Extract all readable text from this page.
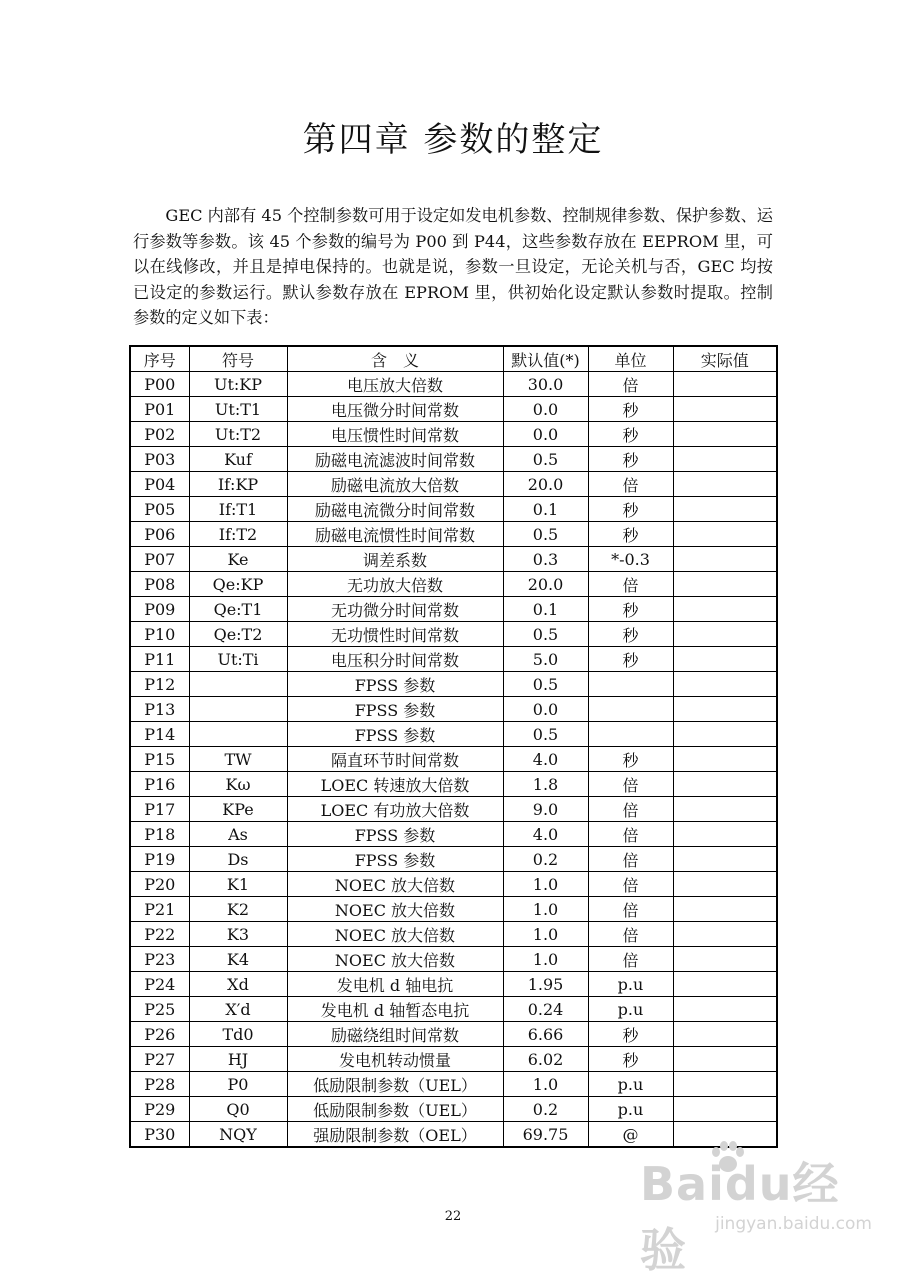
第四章 参数的整定

GEC 内部有 45 个控制参数可用于设定如发电机参数、控制规律参数、保护参数、运行参数等参数。该 45 个参数的编号为 P00 到 P44，这些参数存放在 EEPROM 里，可以在线修改，并且是掉电保持的。也就是说，参数一旦设定，无论关机与否，GEC 均按已设定的参数运行。默认参数存放在 EPROM 里，供初始化设定默认参数时提取。控制参数的定义如下表：

序号	符号	含　义	默认值(*)	单位	实际值
P00	Ut:KP	电压放大倍数	30.0	倍	
P01	Ut:T1	电压微分时间常数	0.0	秒	
P02	Ut:T2	电压惯性时间常数	0.0	秒	
P03	Kuf	励磁电流滤波时间常数	0.5	秒	
P04	If:KP	励磁电流放大倍数	20.0	倍	
P05	If:T1	励磁电流微分时间常数	0.1	秒	
P06	If:T2	励磁电流惯性时间常数	0.5	秒	
P07	Ke	调差系数	0.3	*-0.3	
P08	Qe:KP	无功放大倍数	20.0	倍	
P09	Qe:T1	无功微分时间常数	0.1	秒	
P10	Qe:T2	无功惯性时间常数	0.5	秒	
P11	Ut:Ti	电压积分时间常数	5.0	秒	
P12		FPSS 参数	0.5		
P13		FPSS 参数	0.0		
P14		FPSS 参数	0.5		
P15	TW	隔直环节时间常数	4.0	秒	
P16	Kω	LOEC 转速放大倍数	1.8	倍	
P17	KPe	LOEC 有功放大倍数	9.0	倍	
P18	As	FPSS 参数	4.0	倍	
P19	Ds	FPSS 参数	0.2	倍	
P20	K1	NOEC 放大倍数	1.0	倍	
P21	K2	NOEC 放大倍数	1.0	倍	
P22	K3	NOEC 放大倍数	1.0	倍	
P23	K4	NOEC 放大倍数	1.0	倍	
P24	Xd	发电机 d 轴电抗	1.95	p.u	
P25	X′d	发电机 d 轴暂态电抗	0.24	p.u	
P26	Td0	励磁绕组时间常数	6.66	秒	
P27	HJ	发电机转动惯量	6.02	秒	
P28	P0	低励限制参数（UEL）	1.0	p.u	
P29	Q0	低励限制参数（UEL）	0.2	p.u	
P30	NQY	强励限制参数（OEL）	69.75	@	
22
Baidu经验	jingyan.baidu.com
